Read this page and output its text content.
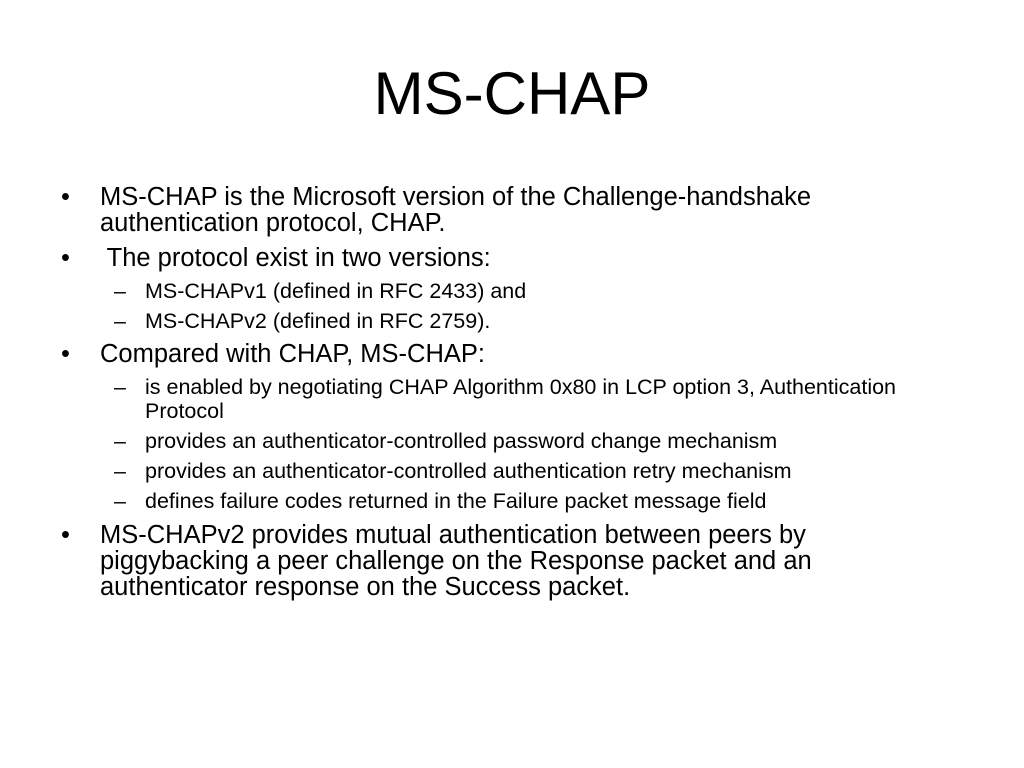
MS-CHAP
•	MS-CHAP is the Microsoft version of the Challenge-handshake authentication protocol, CHAP.
•	The protocol exist in two versions:
– MS-CHAPv1 (defined in RFC 2433) and
– MS-CHAPv2 (defined in RFC 2759).
•	Compared with CHAP, MS-CHAP:
– is enabled by negotiating CHAP Algorithm 0x80 in LCP option 3, Authentication Protocol
– provides an authenticator-controlled password change mechanism
– provides an authenticator-controlled authentication retry mechanism
– defines failure codes returned in the Failure packet message field
•	MS-CHAPv2 provides mutual authentication between peers by piggybacking a peer challenge on the Response packet and an authenticator response on the Success packet.
